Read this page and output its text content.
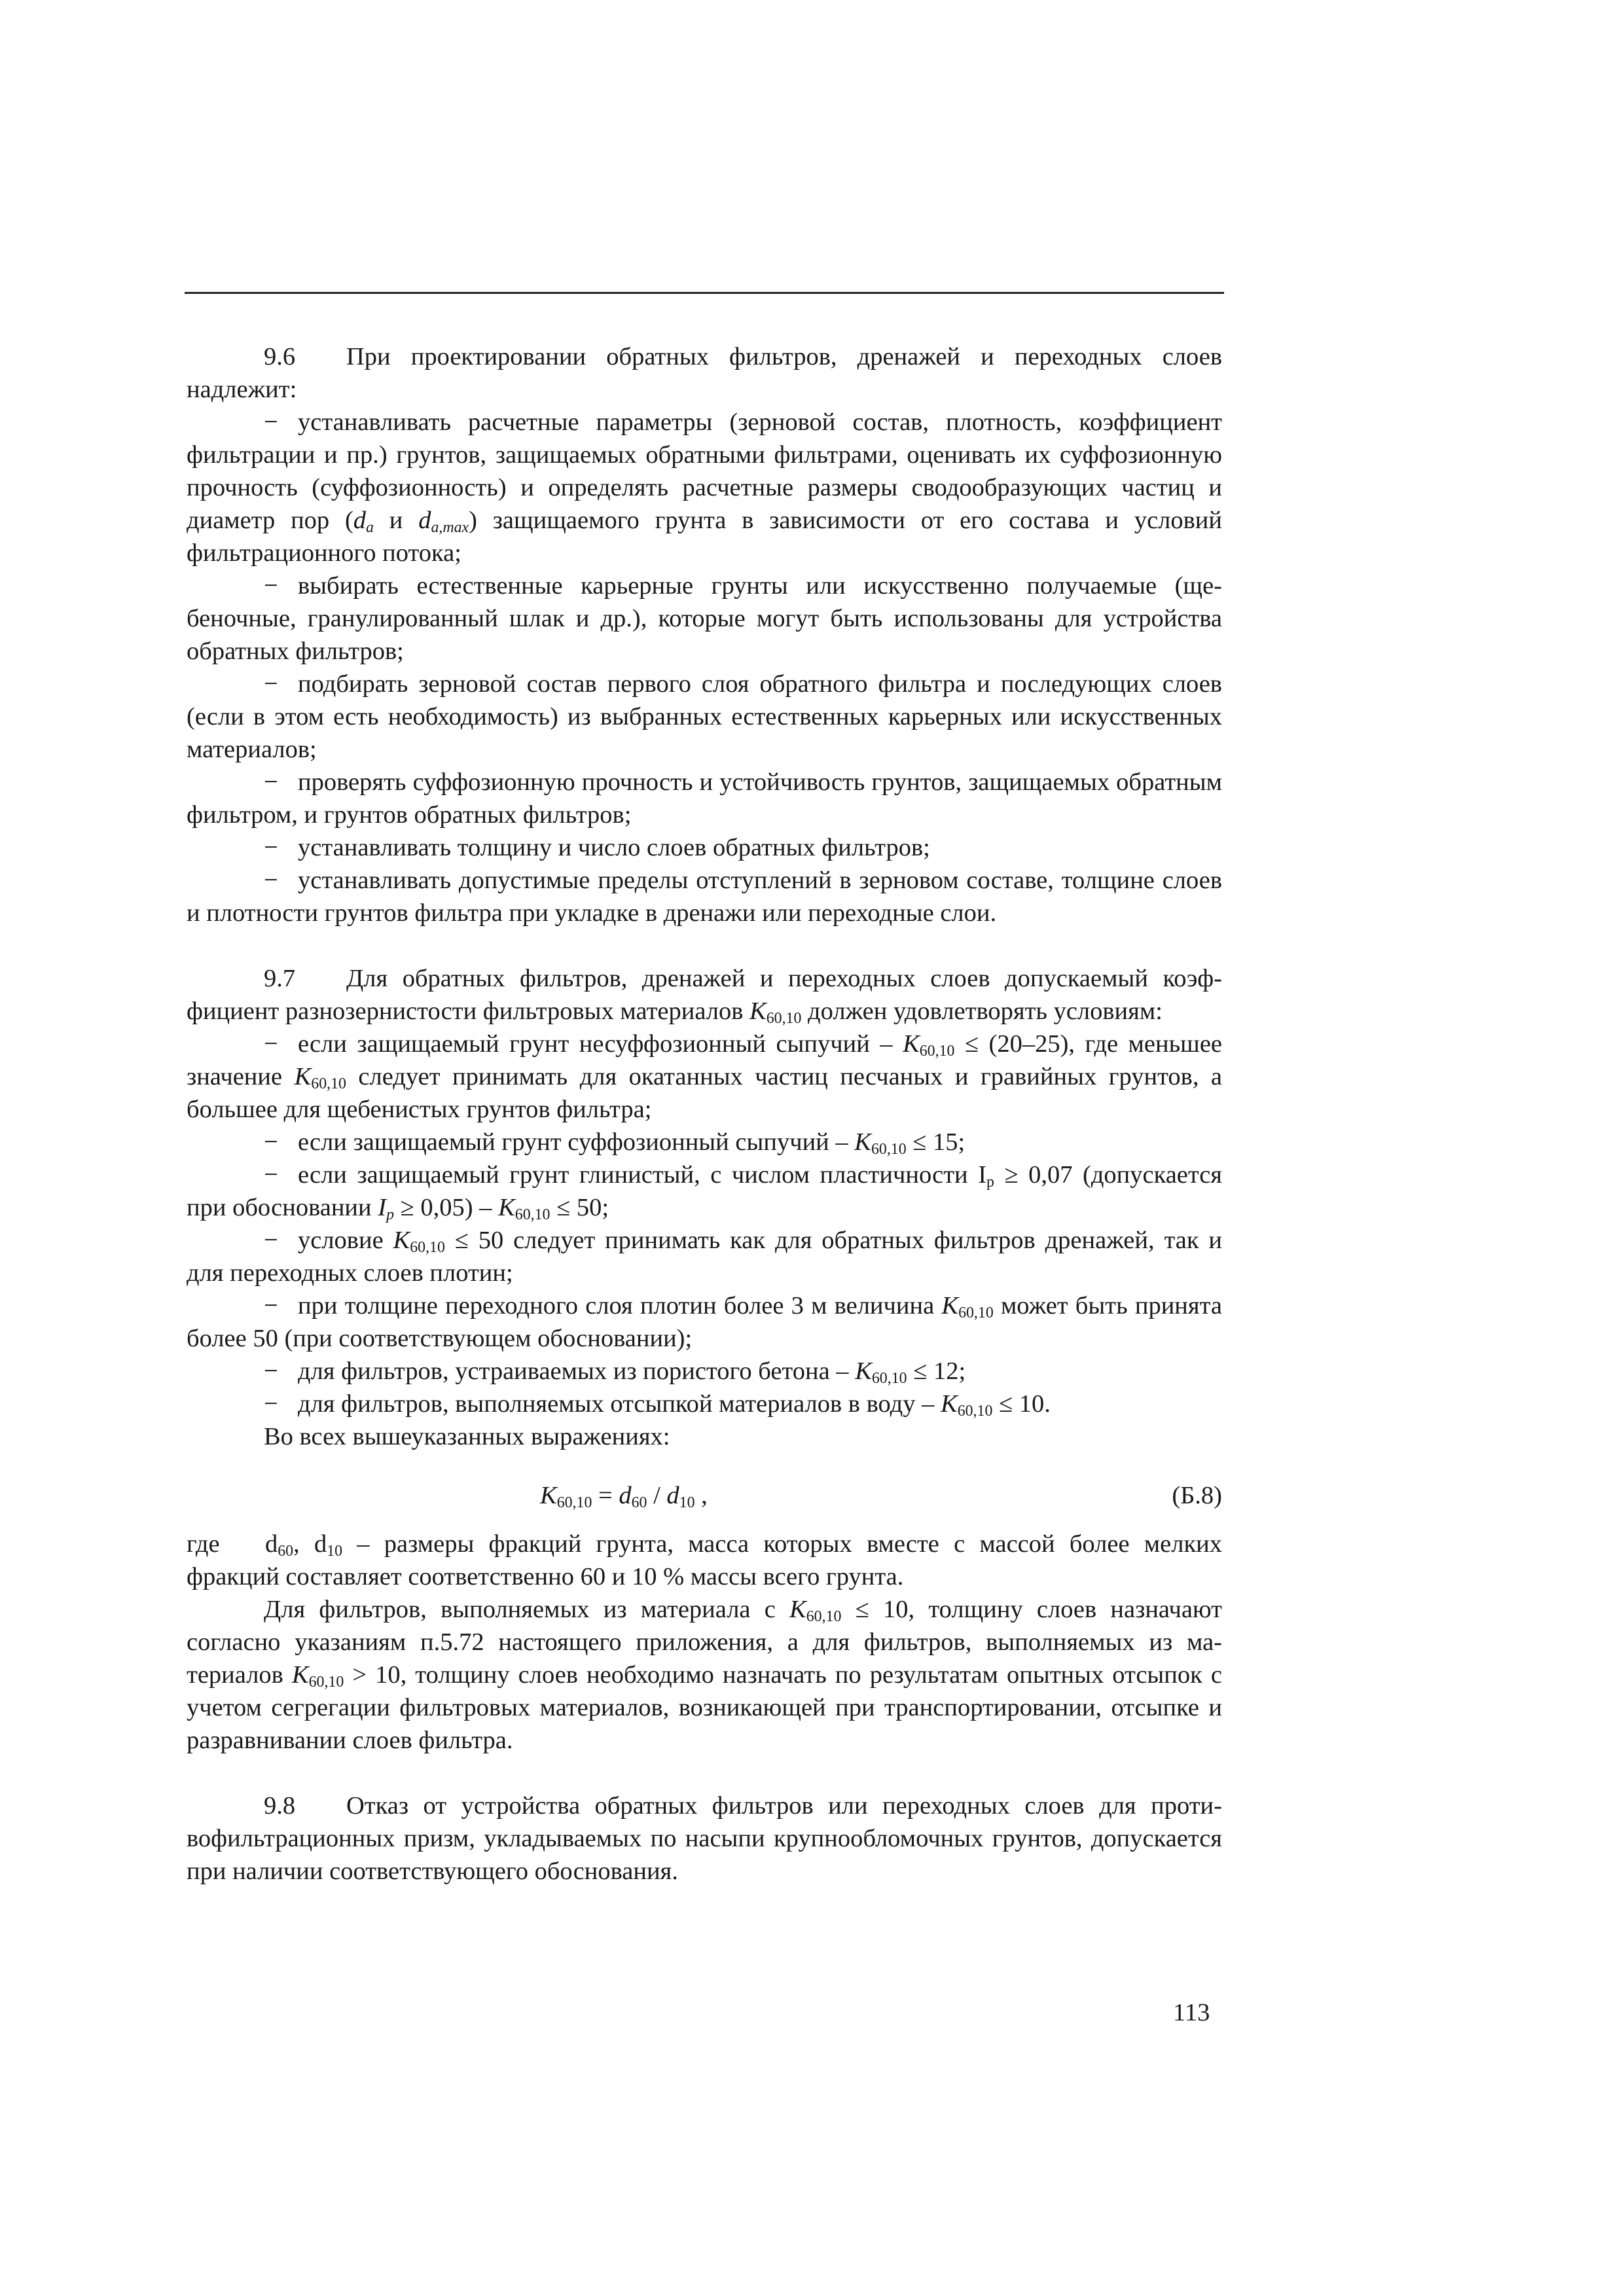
9.6 При проектировании обратных фильтров, дренажей и переходных слоев надлежит:

− устанавливать расчетные параметры (зерновой состав, плотность, коэффициент фильтрации и пр.) грунтов, защищаемых обратными фильтрами, оценивать их суффозионную прочность (суффозионность) и определять расчетные размеры сводообразующих частиц и диаметр пор ($d_a$ и $d_{a,max}$) защищаемого грунта в зависимости от его состава и условий фильтрационного потока;

− выбирать естественные карьерные грунты или искусственно получаемые (щебеночные, гранулированный шлак и др.), которые могут быть использованы для устройства обратных фильтров;

− подбирать зерновой состав первого слоя обратного фильтра и последующих слоев (если в этом есть необходимость) из выбранных естественных карьерных или искусственных материалов;

− проверять суффозионную прочность и устойчивость грунтов, защищаемых обратным фильтром, и грунтов обратных фильтров;

− устанавливать толщину и число слоев обратных фильтров;

− устанавливать допустимые пределы отступлений в зерновом составе, толщине слоев и плотности грунтов фильтра при укладке в дренажи или переходные слои.

9.7 Для обратных фильтров, дренажей и переходных слоев допускаемый коэффициент разнозернистости фильтровых материалов $K_{60,10}$ должен удовлетворять условиям:

− если защищаемый грунт несуффозионный сыпучий – $K_{60,10} \le (20-25)$, где меньшее значение $K_{60,10}$ следует принимать для окатанных частиц песчаных и гравийных грунтов, а большее для щебенистых грунтов фильтра;

− если защищаемый грунт суффозионный сыпучий – $K_{60,10} \le 15$;

− если защищаемый грунт глинистый, с числом пластичности $I_p \ge 0,07$ (допускается при обосновании $I_p \ge 0,05) - K_{60,10} \le 50$;

− условие $K_{60,10} \le 50$ следует принимать как для обратных фильтров дренажей, так и для переходных слоев плотин;

− при толщине переходного слоя плотин более 3 м величина $K_{60,10}$ может быть принята более 50 (при соответствующем обосновании);

− для фильтров, устраиваемых из пористого бетона – $K_{60,10} \le 12$;

− для фильтров, выполняемых отсыпкой материалов в воду – $K_{60,10} \le 10$.

Во всех вышеуказанных выражениях:

$K_{60,10} = d_{60} / d_{10}$ ,	(Б.8)

где $d_{60}$, $d_{10}$ – размеры фракций грунта, масса которых вместе с массой более мелких фракций составляет соответственно 60 и 10 % массы всего грунта.

Для фильтров, выполняемых из материала с $K_{60,10} \le 10$, толщину слоев назначают согласно указаниям п.5.72 настоящего приложения, а для фильтров, выполняемых из материалов $K_{60,10} > 10$, толщину слоев необходимо назначать по результатам опытных отсыпок с учетом сегрегации фильтровых материалов, возникающей при транспортировании, отсыпке и разравнивании слоев фильтра.

9.8 Отказ от устройства обратных фильтров или переходных слоев для противофильтрационных призм, укладываемых по насыпи крупнообломочных грунтов, допускается при наличии соответствующего обоснования.

113
